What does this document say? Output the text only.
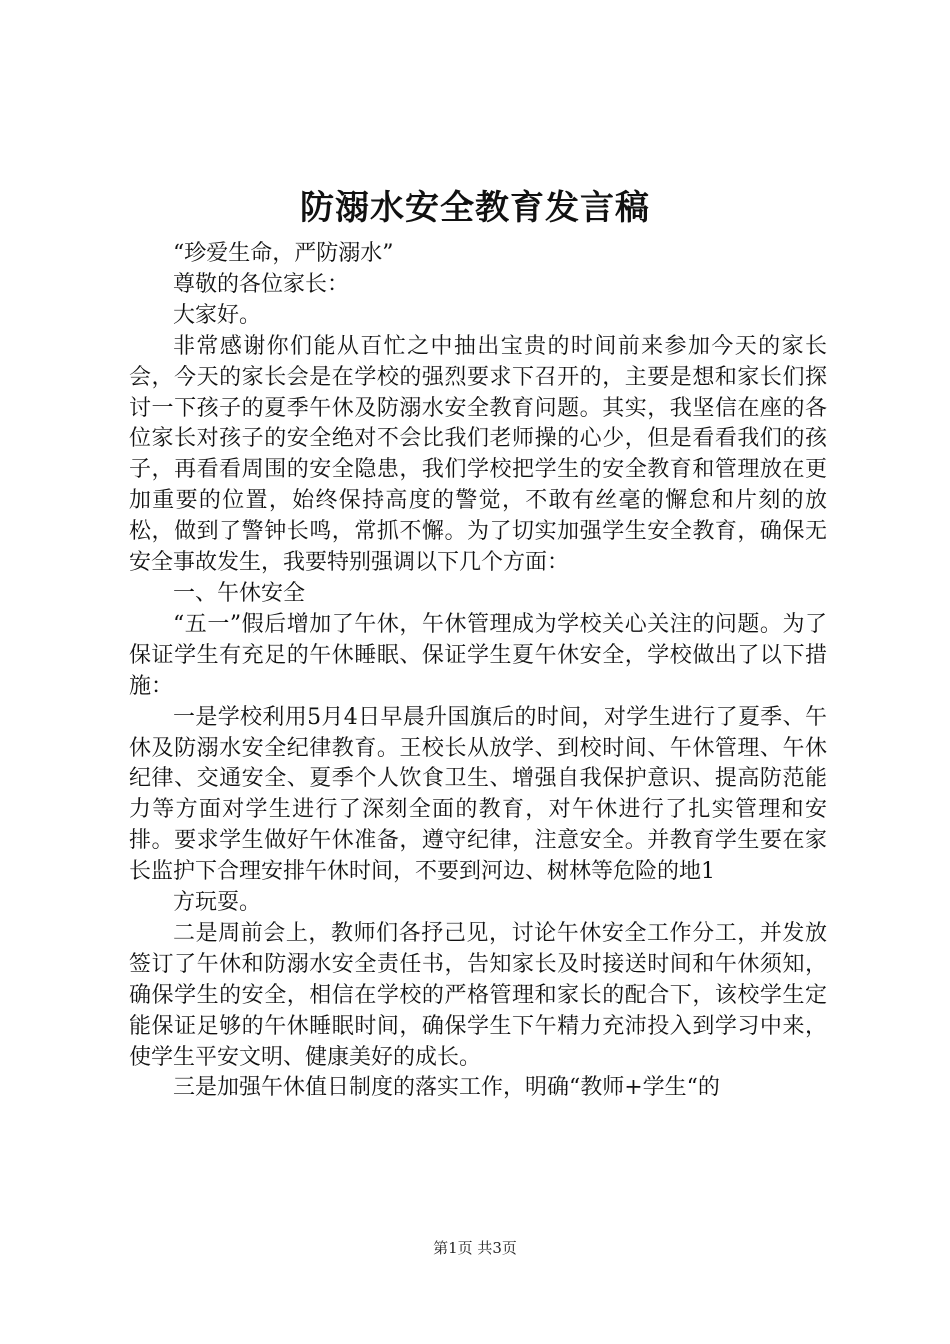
防溺水安全教育发言稿

“珍爱生命，严防溺水”

尊敬的各位家长：

大家好。

非常感谢你们能从百忙之中抽出宝贵的时间前来参加今天的家长会，今天的家长会是在学校的强烈要求下召开的，主要是想和家长们探讨一下孩子的夏季午休及防溺水安全教育问题。其实，我坚信在座的各位家长对孩子的安全绝对不会比我们老师操的心少，但是看看我们的孩子，再看看周围的安全隐患，我们学校把学生的安全教育和管理放在更加重要的位置，始终保持高度的警觉，不敢有丝毫的懈怠和片刻的放松，做到了警钟长鸣，常抓不懈。为了切实加强学生安全教育，确保无安全事故发生，我要特别强调以下几个方面：

一、午休安全

“五一”假后增加了午休，午休管理成为学校关心关注的问题。为了保证学生有充足的午休睡眠、保证学生夏午休安全，学校做出了以下措施：

一是学校利用5月4日早晨升国旗后的时间，对学生进行了夏季、午休及防溺水安全纪律教育。王校长从放学、到校时间、午休管理、午休纪律、交通安全、夏季个人饮食卫生、增强自我保护意识、提高防范能力等方面对学生进行了深刻全面的教育，对午休进行了扎实管理和安排。要求学生做好午休准备，遵守纪律，注意安全。并教育学生要在家长监护下合理安排午休时间，不要到河边、树林等危险的地1

方玩耍。

二是周前会上，教师们各抒己见，讨论午休安全工作分工，并发放签订了午休和防溺水安全责任书，告知家长及时接送时间和午休须知，确保学生的安全，相信在学校的严格管理和家长的配合下，该校学生定能保证足够的午休睡眠时间，确保学生下午精力充沛投入到学习中来，使学生平安文明、健康美好的成长。

三是加强午休值日制度的落实工作，明确“教师+学生“的

第1页 共3页
